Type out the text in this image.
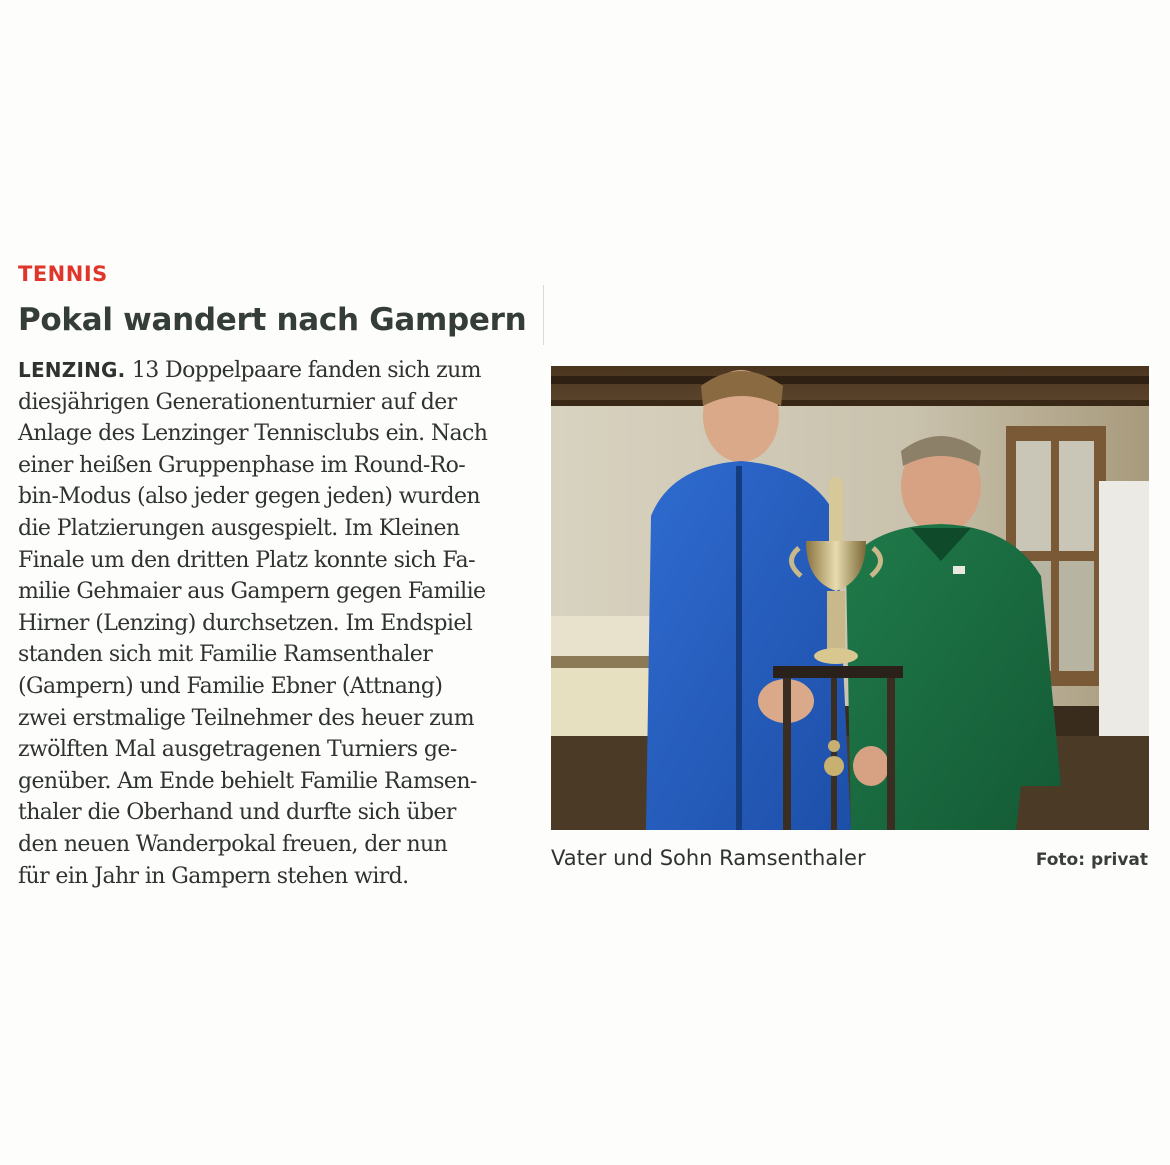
TENNIS
Pokal wandert nach Gampern
LENZING. 13 Doppelpaare fanden sich zum
diesjährigen Generationenturnier auf der
Anlage des Lenzinger Tennisclubs ein. Nach
einer heißen Gruppenphase im Round-Ro-
bin-Modus (also jeder gegen jeden) wurden
die Platzierungen ausgespielt. Im Kleinen
Finale um den dritten Platz konnte sich Fa-
milie Gehmaier aus Gampern gegen Familie
Hirner (Lenzing) durchsetzen. Im Endspiel
standen sich mit Familie Ramsenthaler
(Gampern) und Familie Ebner (Attnang)
zwei erstmalige Teilnehmer des heuer zum
zwölften Mal ausgetragenen Turniers ge-
genüber. Am Ende behielt Familie Ramsen-
thaler die Oberhand und durfte sich über
den neuen Wanderpokal freuen, der nun
für ein Jahr in Gampern stehen wird.
Vater und Sohn Ramsenthaler	Foto: privat
